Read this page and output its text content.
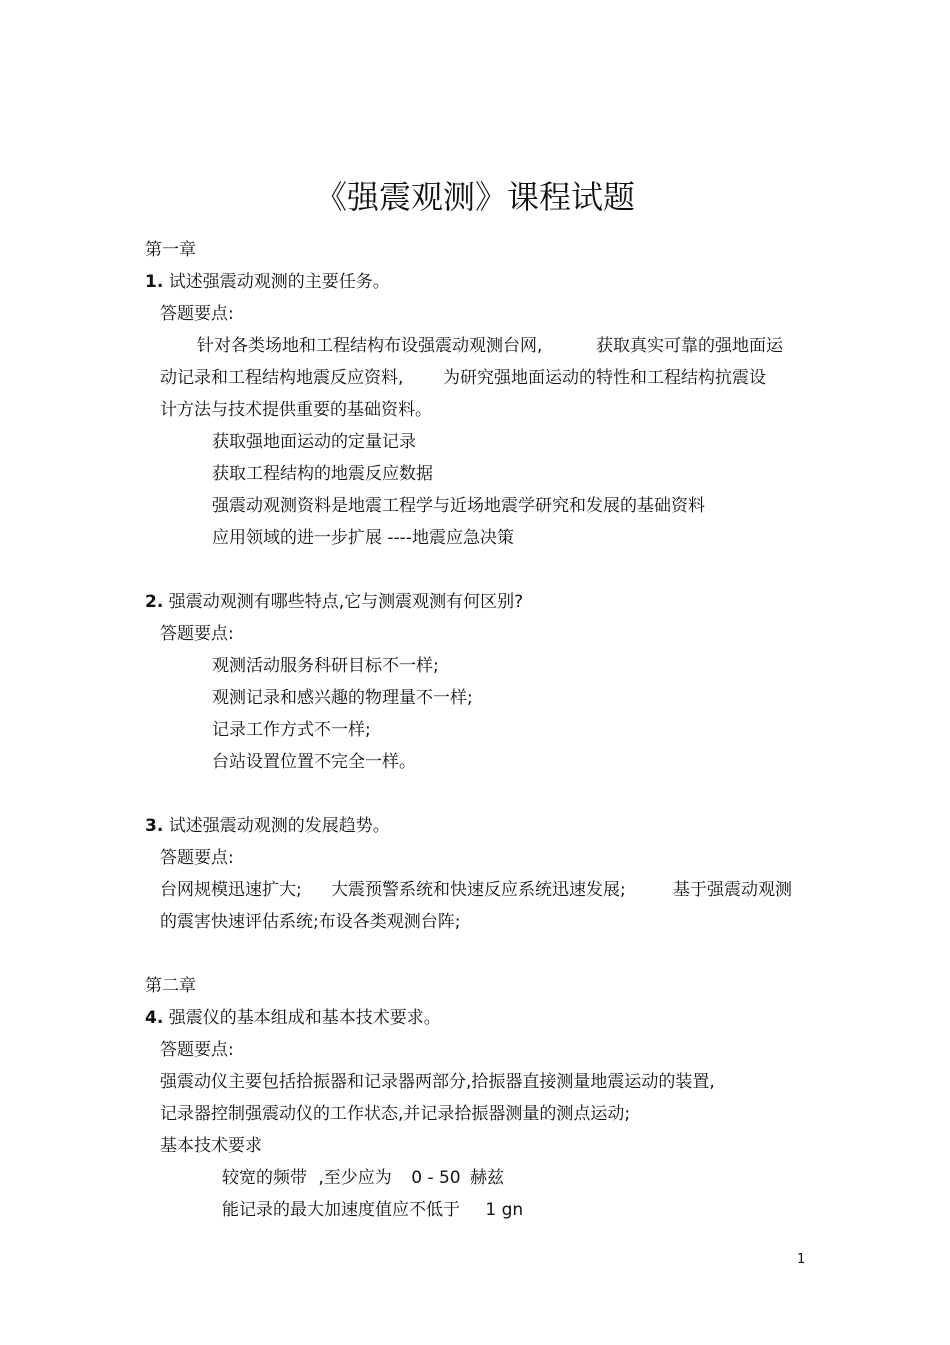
《强震观测》课程试题
第一章
1. 试述强震动观测的主要任务。
答题要点:
针对各类场地和工程结构布设强震动观测台网,	获取真实可靠的强地面运
动记录和工程结构地震反应资料, 为研究强地面运动的特性和工程结构抗震设
计方法与技术提供重要的基础资料。
获取强地面运动的定量记录
获取工程结构的地震反应数据
强震动观测资料是地震工程学与近场地震学研究和发展的基础资料
应用领域的进一步扩展 ----地震应急决策
2. 强震动观测有哪些特点,它与测震观测有何区别?
答题要点:
观测活动服务科研目标不一样;
观测记录和感兴趣的物理量不一样;
记录工作方式不一样;
台站设置位置不完全一样。
3. 试述强震动观测的发展趋势。
答题要点:
台网规模迅速扩大; 大震预警系统和快速反应系统迅速发展;	基于强震动观测
的震害快速评估系统;布设各类观测台阵;
第二章
4. 强震仪的基本组成和基本技术要求。
答题要点:
强震动仪主要包括拾振器和记录器两部分,拾振器直接测量地震运动的装置,
记录器控制强震动仪的工作状态,并记录拾振器测量的测点运动;
基本技术要求
较宽的频带 ,至少应为 0 - 50 赫兹
能记录的最大加速度值应不低于 1 gn
1
